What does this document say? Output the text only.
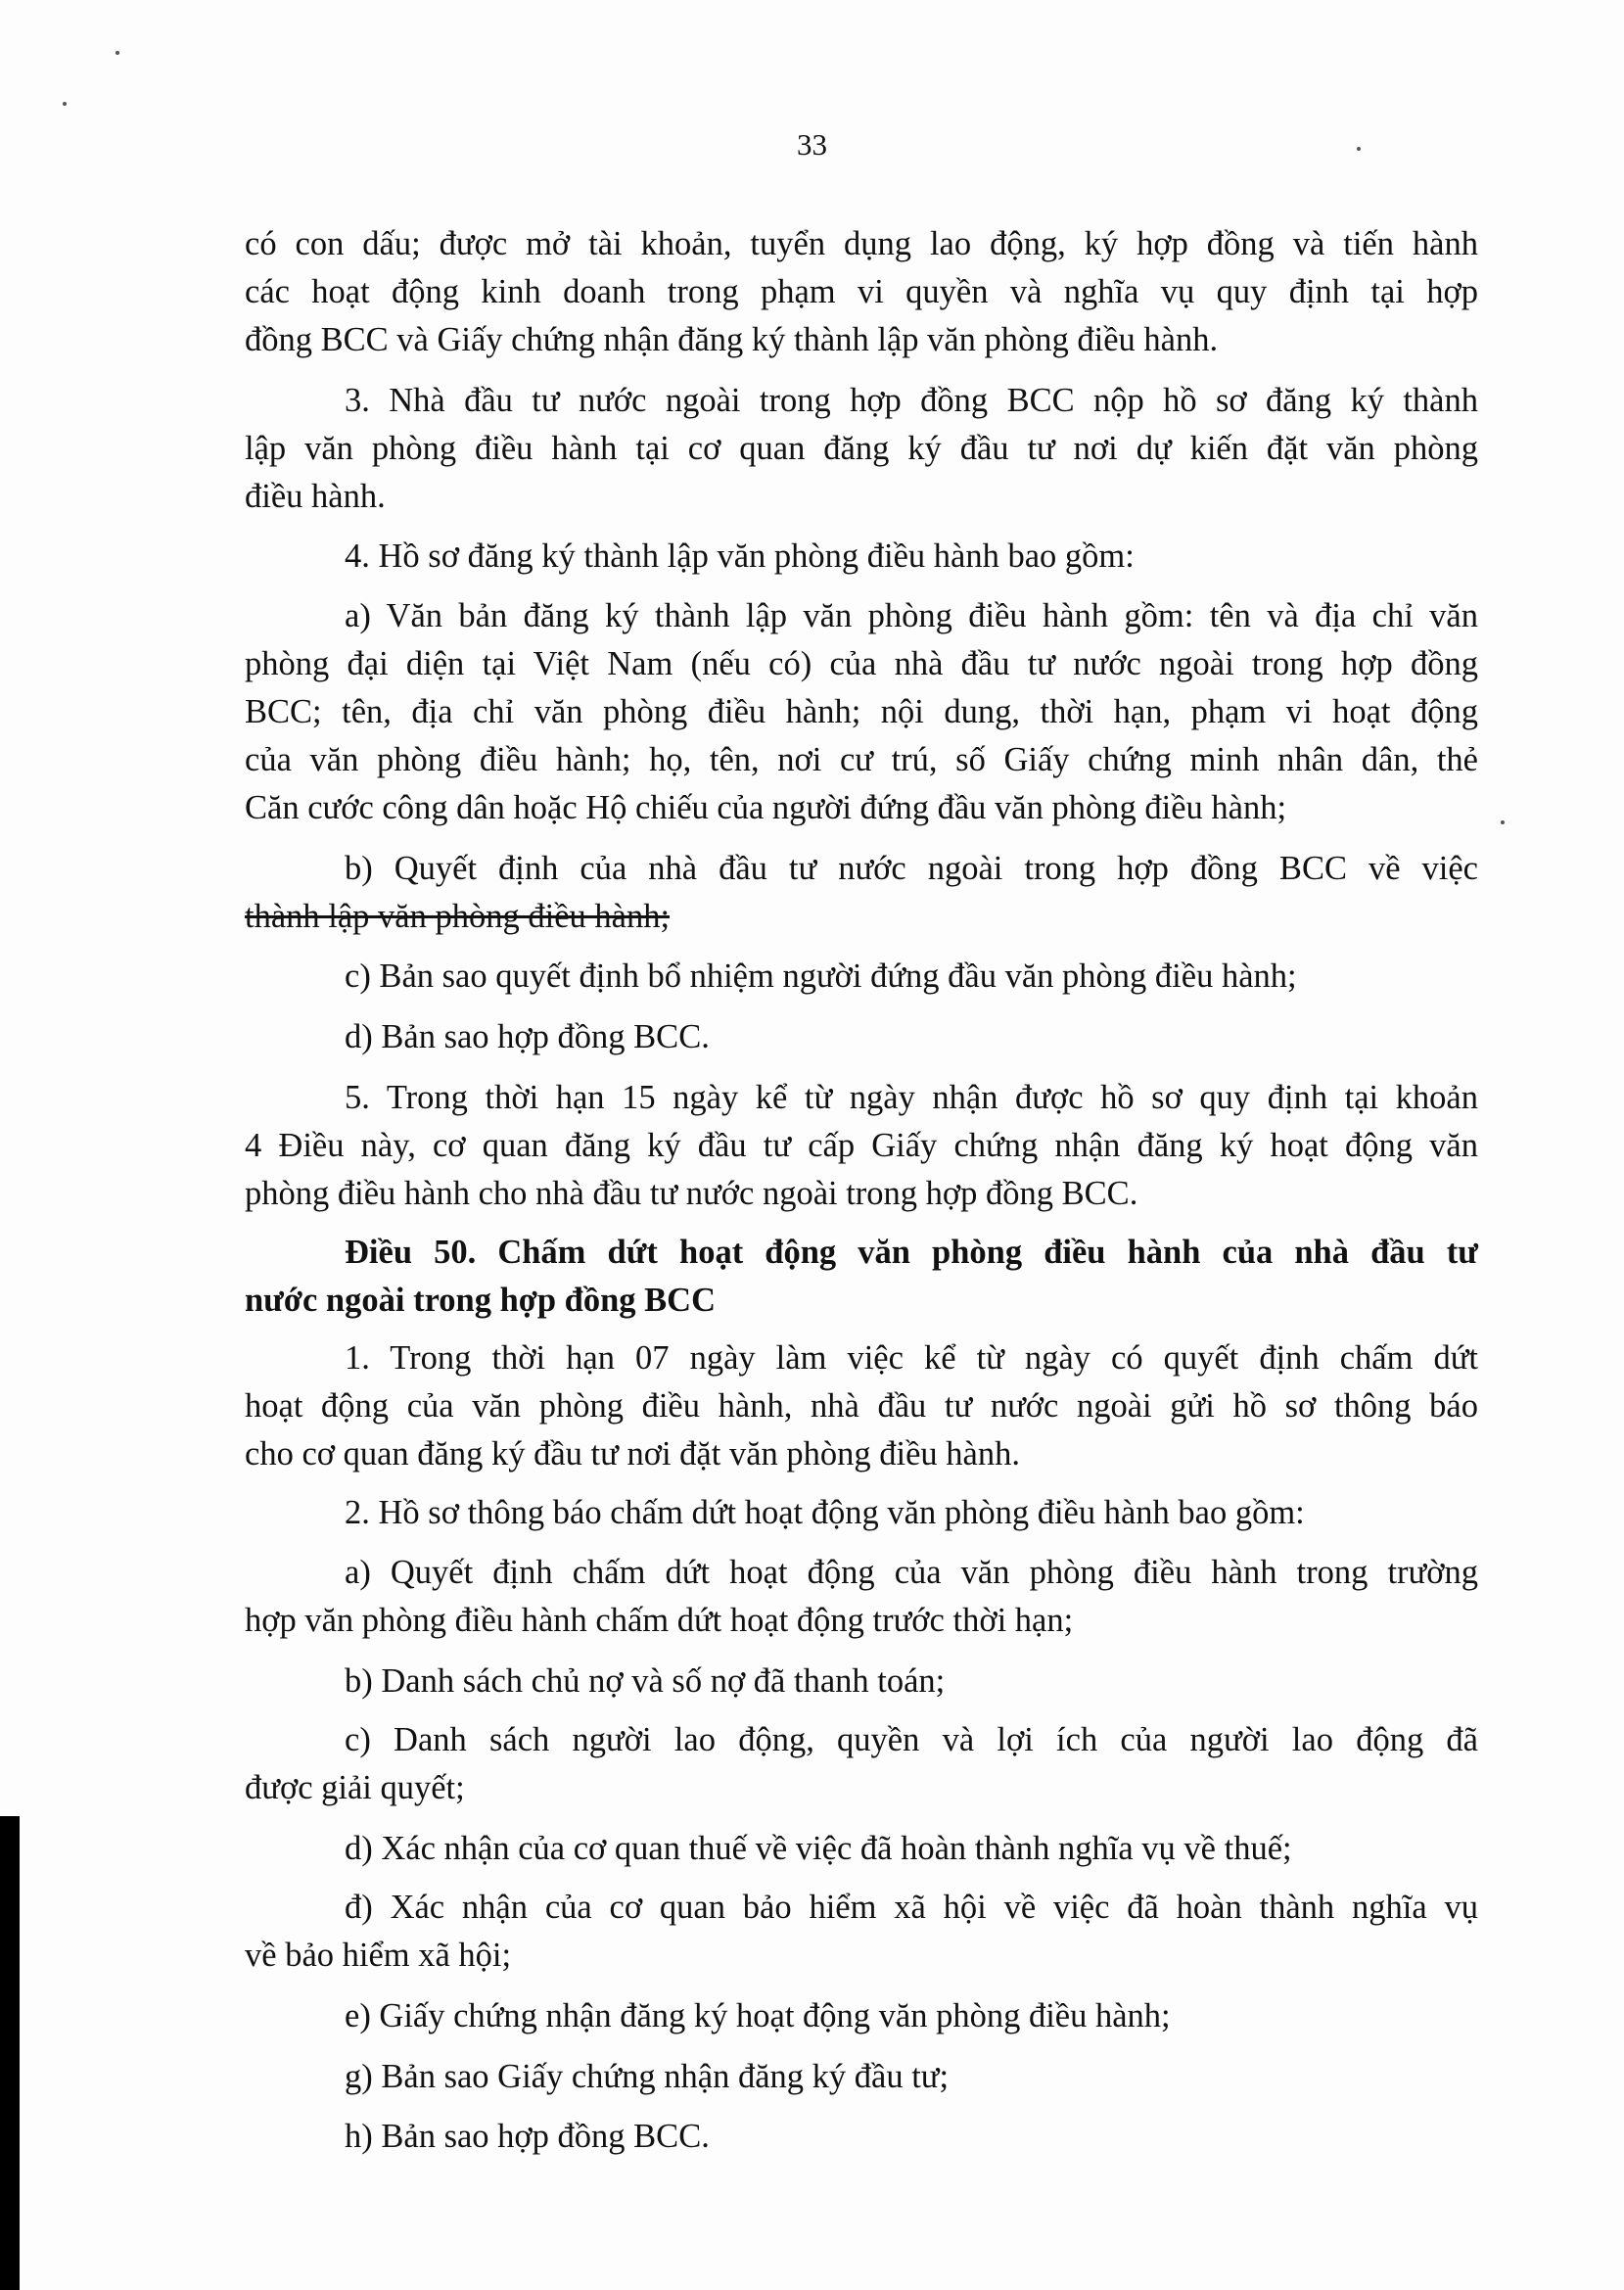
33
có con dấu; được mở tài khoản, tuyển dụng lao động, ký hợp đồng và tiến hành
các hoạt động kinh doanh trong phạm vi quyền và nghĩa vụ quy định tại hợp
đồng BCC và Giấy chứng nhận đăng ký thành lập văn phòng điều hành.
3. Nhà đầu tư nước ngoài trong hợp đồng BCC nộp hồ sơ đăng ký thành
lập văn phòng điều hành tại cơ quan đăng ký đầu tư nơi dự kiến đặt văn phòng
điều hành.
4. Hồ sơ đăng ký thành lập văn phòng điều hành bao gồm:
a) Văn bản đăng ký thành lập văn phòng điều hành gồm: tên và địa chỉ văn
phòng đại diện tại Việt Nam (nếu có) của nhà đầu tư nước ngoài trong hợp đồng
BCC; tên, địa chỉ văn phòng điều hành; nội dung, thời hạn, phạm vi hoạt động
của văn phòng điều hành; họ, tên, nơi cư trú, số Giấy chứng minh nhân dân, thẻ
Căn cước công dân hoặc Hộ chiếu của người đứng đầu văn phòng điều hành;
b) Quyết định của nhà đầu tư nước ngoài trong hợp đồng BCC về việc
thành lập văn phòng điều hành;
c) Bản sao quyết định bổ nhiệm người đứng đầu văn phòng điều hành;
d) Bản sao hợp đồng BCC.
5. Trong thời hạn 15 ngày kể từ ngày nhận được hồ sơ quy định tại khoản
4 Điều này, cơ quan đăng ký đầu tư cấp Giấy chứng nhận đăng ký hoạt động văn
phòng điều hành cho nhà đầu tư nước ngoài trong hợp đồng BCC.
Điều 50. Chấm dứt hoạt động văn phòng điều hành của nhà đầu tư
nước ngoài trong hợp đồng BCC
1. Trong thời hạn 07 ngày làm việc kể từ ngày có quyết định chấm dứt
hoạt động của văn phòng điều hành, nhà đầu tư nước ngoài gửi hồ sơ thông báo
cho cơ quan đăng ký đầu tư nơi đặt văn phòng điều hành.
2. Hồ sơ thông báo chấm dứt hoạt động văn phòng điều hành bao gồm:
a) Quyết định chấm dứt hoạt động của văn phòng điều hành trong trường
hợp văn phòng điều hành chấm dứt hoạt động trước thời hạn;
b) Danh sách chủ nợ và số nợ đã thanh toán;
c) Danh sách người lao động, quyền và lợi ích của người lao động đã
được giải quyết;
d) Xác nhận của cơ quan thuế về việc đã hoàn thành nghĩa vụ về thuế;
đ) Xác nhận của cơ quan bảo hiểm xã hội về việc đã hoàn thành nghĩa vụ
về bảo hiểm xã hội;
e) Giấy chứng nhận đăng ký hoạt động văn phòng điều hành;
g) Bản sao Giấy chứng nhận đăng ký đầu tư;
h) Bản sao hợp đồng BCC.
